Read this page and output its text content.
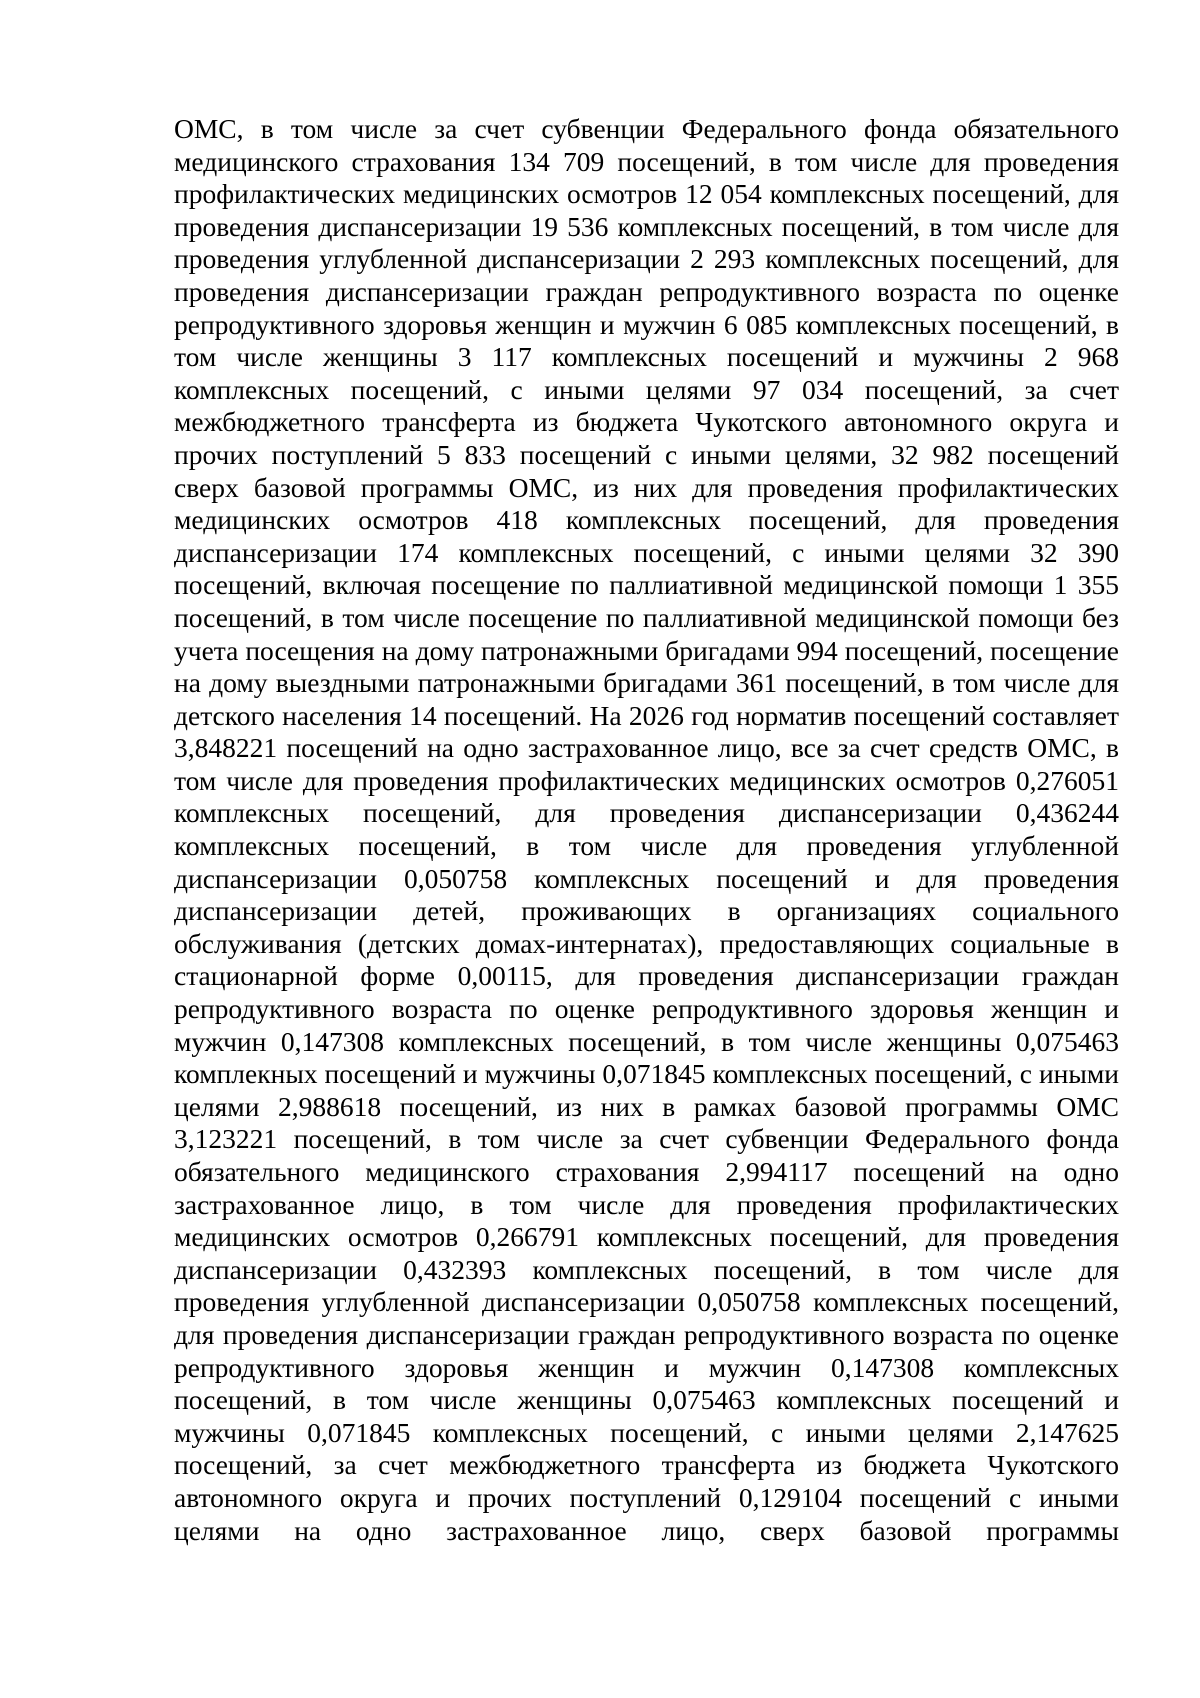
ОМС, в том числе за счет субвенции Федерального фонда обязательного медицинского страхования 134 709 посещений, в том числе для проведения профилактических медицинских осмотров 12 054 комплексных посещений, для проведения диспансеризации 19 536 комплексных посещений, в том числе для проведения углубленной диспансеризации 2 293 комплексных посещений, для проведения диспансеризации граждан репродуктивного возраста по оценке репродуктивного здоровья женщин и мужчин 6 085 комплексных посещений, в том числе женщины 3 117 комплексных посещений и мужчины 2 968 комплексных посещений, с иными целями 97 034 посещений, за счет межбюджетного трансферта из бюджета Чукотского автономного округа и прочих поступлений 5 833 посещений с иными целями, 32 982 посещений сверх базовой программы ОМС, из них для проведения профилактических медицинских осмотров 418 комплексных посещений, для проведения диспансеризации 174 комплексных посещений, с иными целями 32 390 посещений, включая посещение по паллиативной медицинской помощи 1 355 посещений, в том числе посещение по паллиативной медицинской помощи без учета посещения на дому патронажными бригадами 994 посещений, посещение на дому выездными патронажными бригадами 361 посещений, в том числе для детского населения 14 посещений. На 2026 год норматив посещений составляет 3,848221 посещений на одно застрахованное лицо, все за счет средств ОМС, в том числе для проведения профилактических медицинских осмотров 0,276051 комплексных посещений, для проведения диспансеризации 0,436244 комплексных посещений, в том числе для проведения углубленной диспансеризации 0,050758 комплексных посещений и для проведения диспансеризации детей, проживающих в организациях социального обслуживания (детских домах-интернатах), предоставляющих социальные в стационарной форме 0,00115, для проведения диспансеризации граждан репродуктивного возраста по оценке репродуктивного здоровья женщин и мужчин 0,147308 комплексных посещений, в том числе женщины 0,075463 комплекных посещений и мужчины 0,071845 комплексных посещений, с иными целями 2,988618 посещений, из них в рамках базовой программы ОМС 3,123221 посещений, в том числе за счет субвенции Федерального фонда обязательного медицинского страхования 2,994117 посещений на одно застрахованное лицо, в том числе для проведения профилактических медицинских осмотров 0,266791 комплексных посещений, для проведения диспансеризации 0,432393 комплексных посещений, в том числе для проведения углубленной диспансеризации 0,050758 комплексных посещений, для проведения диспансеризации граждан репродуктивного возраста по оценке репродуктивного здоровья женщин и мужчин 0,147308 комплексных посещений, в том числе женщины 0,075463 комплексных посещений и мужчины 0,071845 комплексных посещений, с иными целями 2,147625 посещений, за счет межбюджетного трансферта из бюджета Чукотского автономного округа и прочих поступлений 0,129104 посещений с иными целями на одно застрахованное лицо, сверх базовой программы
